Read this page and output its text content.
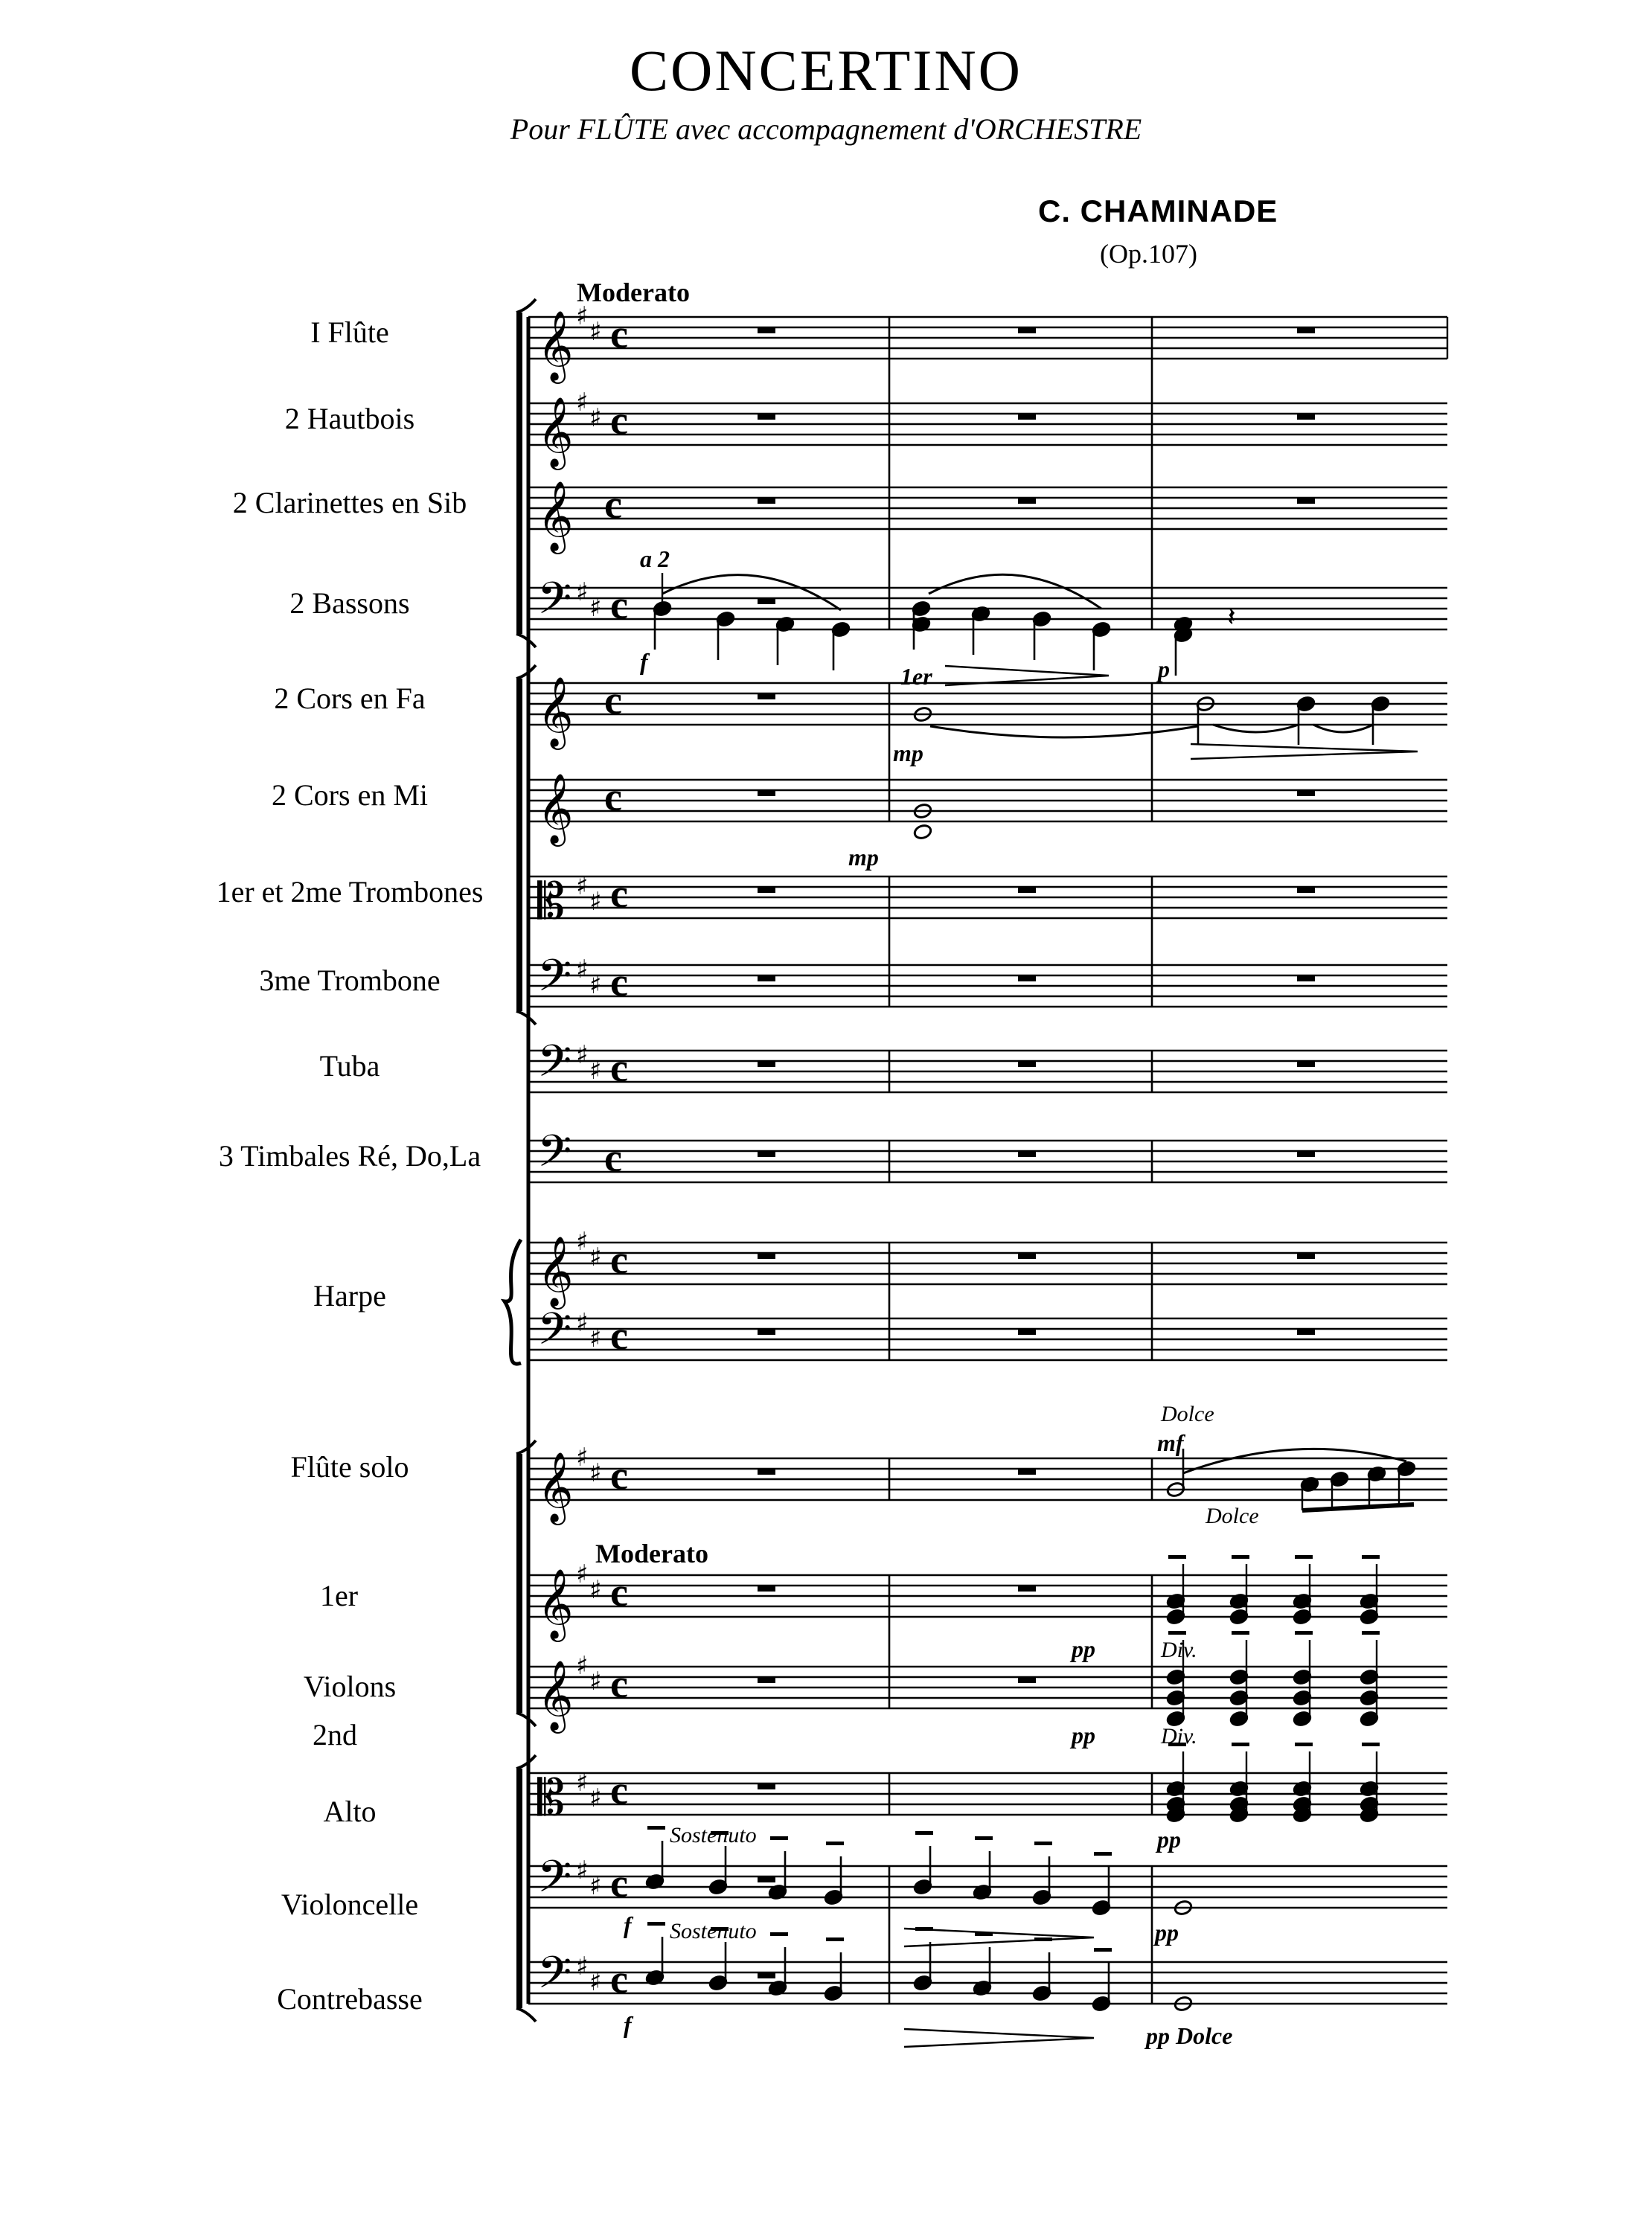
CONCERTINO
Pour FLÛTE avec accompagnement d'ORCHESTRE
C. CHAMINADE
(Op.107)
𝄞 ♯
♯ c
𝄞 ♯
♯ c
𝄞 c
𝄢 ♯
♯ c
𝄞 c
𝄞 c
𝄡 ♯
♯ c
𝄢 ♯
♯ c
𝄢 ♯
♯ c
𝄢 c
𝄞 ♯
♯ c
𝄢 ♯
♯ c
𝄞 ♯
♯ c
𝄞 ♯
♯ c
𝄞 ♯
♯ c
𝄡 ♯
♯ c
𝄢 ♯
♯ c
𝄢 ♯
♯ c
a 2
f
1er	p
𝄽
mp
mp
Moderato
Moderato
Dolce
mf
Dolce
pp	Div.
pp	Div.
pp
Sostenuto
Sostenuto
f
f
pp
pp Dolce
I Flûte
2 Hautbois
2 Clarinettes en Sib
2 Bassons
2 Cors en Fa
2 Cors en Mi
1er et 2me Trombones
3me Trombone
Tuba
3 Timbales Ré, Do,La
Harpe
Flûte solo
Violons
1er
2nd
Alto
Violoncelle
Contrebasse
